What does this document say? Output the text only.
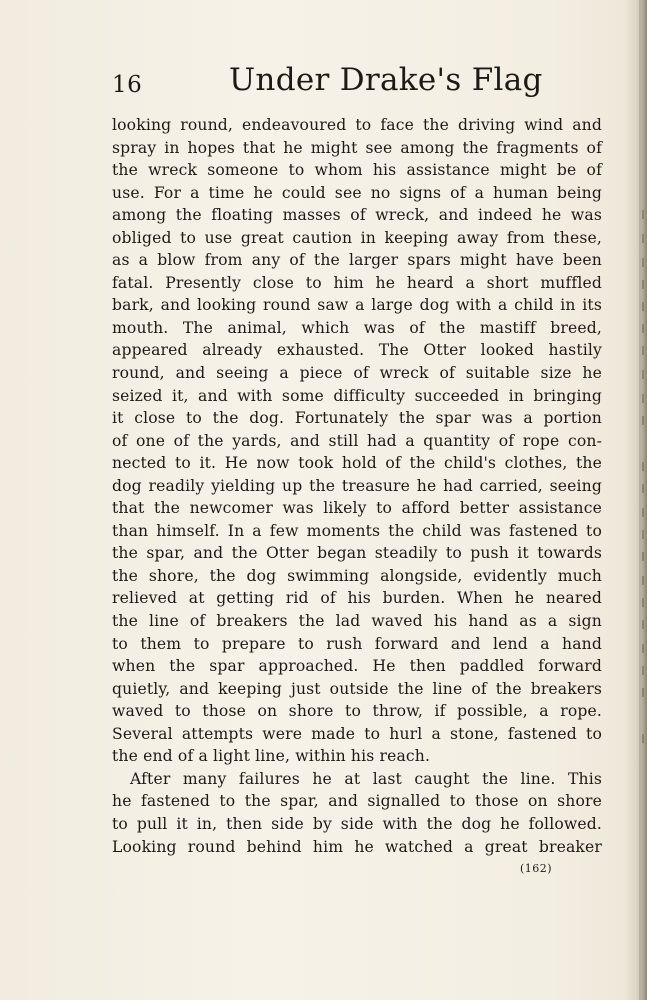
16	Under Drake's Flag
looking round, endeavoured to face the driving wind and
spray in hopes that he might see among the fragments of
the wreck someone to whom his assistance might be of
use. For a time he could see no signs of a human being
among the floating masses of wreck, and indeed he was
obliged to use great caution in keeping away from these,
as a blow from any of the larger spars might have been
fatal. Presently close to him he heard a short muffled
bark, and looking round saw a large dog with a child in its
mouth. The animal, which was of the mastiff breed,
appeared already exhausted. The Otter looked hastily
round, and seeing a piece of wreck of suitable size he
seized it, and with some difficulty succeeded in bringing
it close to the dog. Fortunately the spar was a portion
of one of the yards, and still had a quantity of rope con-
nected to it. He now took hold of the child's clothes, the
dog readily yielding up the treasure he had carried, seeing
that the newcomer was likely to afford better assistance
than himself. In a few moments the child was fastened to
the spar, and the Otter began steadily to push it towards
the shore, the dog swimming alongside, evidently much
relieved at getting rid of his burden. When he neared
the line of breakers the lad waved his hand as a sign
to them to prepare to rush forward and lend a hand
when the spar approached. He then paddled forward
quietly, and keeping just outside the line of the breakers
waved to those on shore to throw, if possible, a rope.
Several attempts were made to hurl a stone, fastened to
the end of a light line, within his reach.
After many failures he at last caught the line. This
he fastened to the spar, and signalled to those on shore
to pull it in, then side by side with the dog he followed.
Looking round behind him he watched a great breaker
(162)
